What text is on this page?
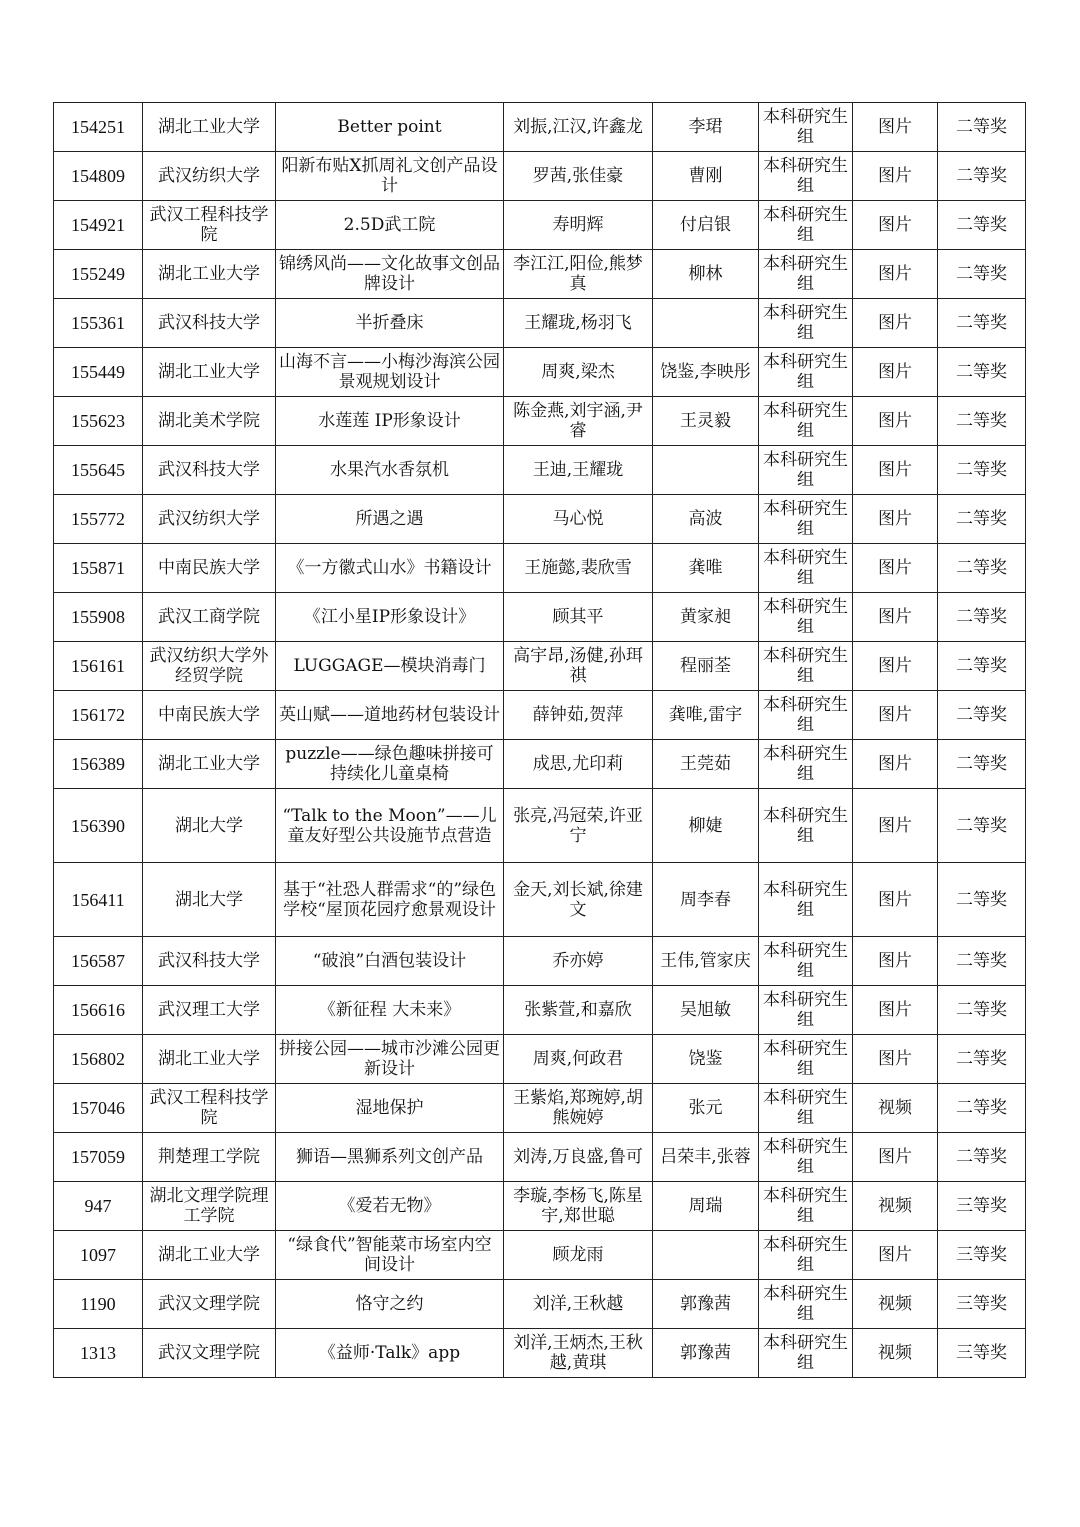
154251	湖北工业大学	Better point	刘振,江汉,许鑫龙	李珺	本科研究生组	图片	二等奖
154809	武汉纺织大学	阳新布贴X抓周礼文创产品设计	罗茜,张佳豪	曹刚	本科研究生组	图片	二等奖
154921	武汉工程科技学院	2.5D武工院	寿明辉	付启银	本科研究生组	图片	二等奖
155249	湖北工业大学	锦绣风尚——文化故事文创品牌设计	李江江,阳俭,熊梦真	柳林	本科研究生组	图片	二等奖
155361	武汉科技大学	半折叠床	王耀珑,杨羽飞		本科研究生组	图片	二等奖
155449	湖北工业大学	山海不言——小梅沙海滨公园景观规划设计	周爽,梁杰	饶鉴,李映彤	本科研究生组	图片	二等奖
155623	湖北美术学院	水莲莲 IP形象设计	陈金燕,刘宇涵,尹睿	王灵毅	本科研究生组	图片	二等奖
155645	武汉科技大学	水果汽水香氛机	王迪,王耀珑		本科研究生组	图片	二等奖
155772	武汉纺织大学	所遇之遇	马心悦	高波	本科研究生组	图片	二等奖
155871	中南民族大学	《一方徽式山水》书籍设计	王施懿,裴欣雪	龚唯	本科研究生组	图片	二等奖
155908	武汉工商学院	《江小星IP形象设计》	顾其平	黄家昶	本科研究生组	图片	二等奖
156161	武汉纺织大学外经贸学院	LUGGAGE—模块消毒门	高宇昂,汤健,孙珥祺	程丽荃	本科研究生组	图片	二等奖
156172	中南民族大学	英山赋——道地药材包装设计	薛钟茹,贺萍	龚唯,雷宇	本科研究生组	图片	二等奖
156389	湖北工业大学	puzzle——绿色趣味拼接可持续化儿童桌椅	成思,尤印莉	王莞茹	本科研究生组	图片	二等奖
156390	湖北大学	“Talk to the Moon”——儿童友好型公共设施节点营造	张亮,冯冠荣,许亚宁	柳婕	本科研究生组	图片	二等奖
156411	湖北大学	基于“社恐人群需求“的”绿色学校“屋顶花园疗愈景观设计	金天,刘长斌,徐建文	周李春	本科研究生组	图片	二等奖
156587	武汉科技大学	“破浪”白酒包装设计	乔亦婷	王伟,管家庆	本科研究生组	图片	二等奖
156616	武汉理工大学	《新征程 大未来》	张紫萱,和嘉欣	吴旭敏	本科研究生组	图片	二等奖
156802	湖北工业大学	拼接公园——城市沙滩公园更新设计	周爽,何政君	饶鉴	本科研究生组	图片	二等奖
157046	武汉工程科技学院	湿地保护	王紫焰,郑琬婷,胡熊婉婷	张元	本科研究生组	视频	二等奖
157059	荆楚理工学院	狮语—黑狮系列文创产品	刘涛,万良盛,鲁可	吕荣丰,张蓉	本科研究生组	图片	二等奖
947	湖北文理学院理工学院	《爱若无物》	李璇,李杨飞,陈星宇,郑世聪	周瑞	本科研究生组	视频	三等奖
1097	湖北工业大学	“绿食代”智能菜市场室内空间设计	顾龙雨		本科研究生组	图片	三等奖
1190	武汉文理学院	恪守之约	刘洋,王秋越	郭豫茜	本科研究生组	视频	三等奖
1313	武汉文理学院	《益师·Talk》app	刘洋,王炳杰,王秋越,黄琪	郭豫茜	本科研究生组	视频	三等奖
